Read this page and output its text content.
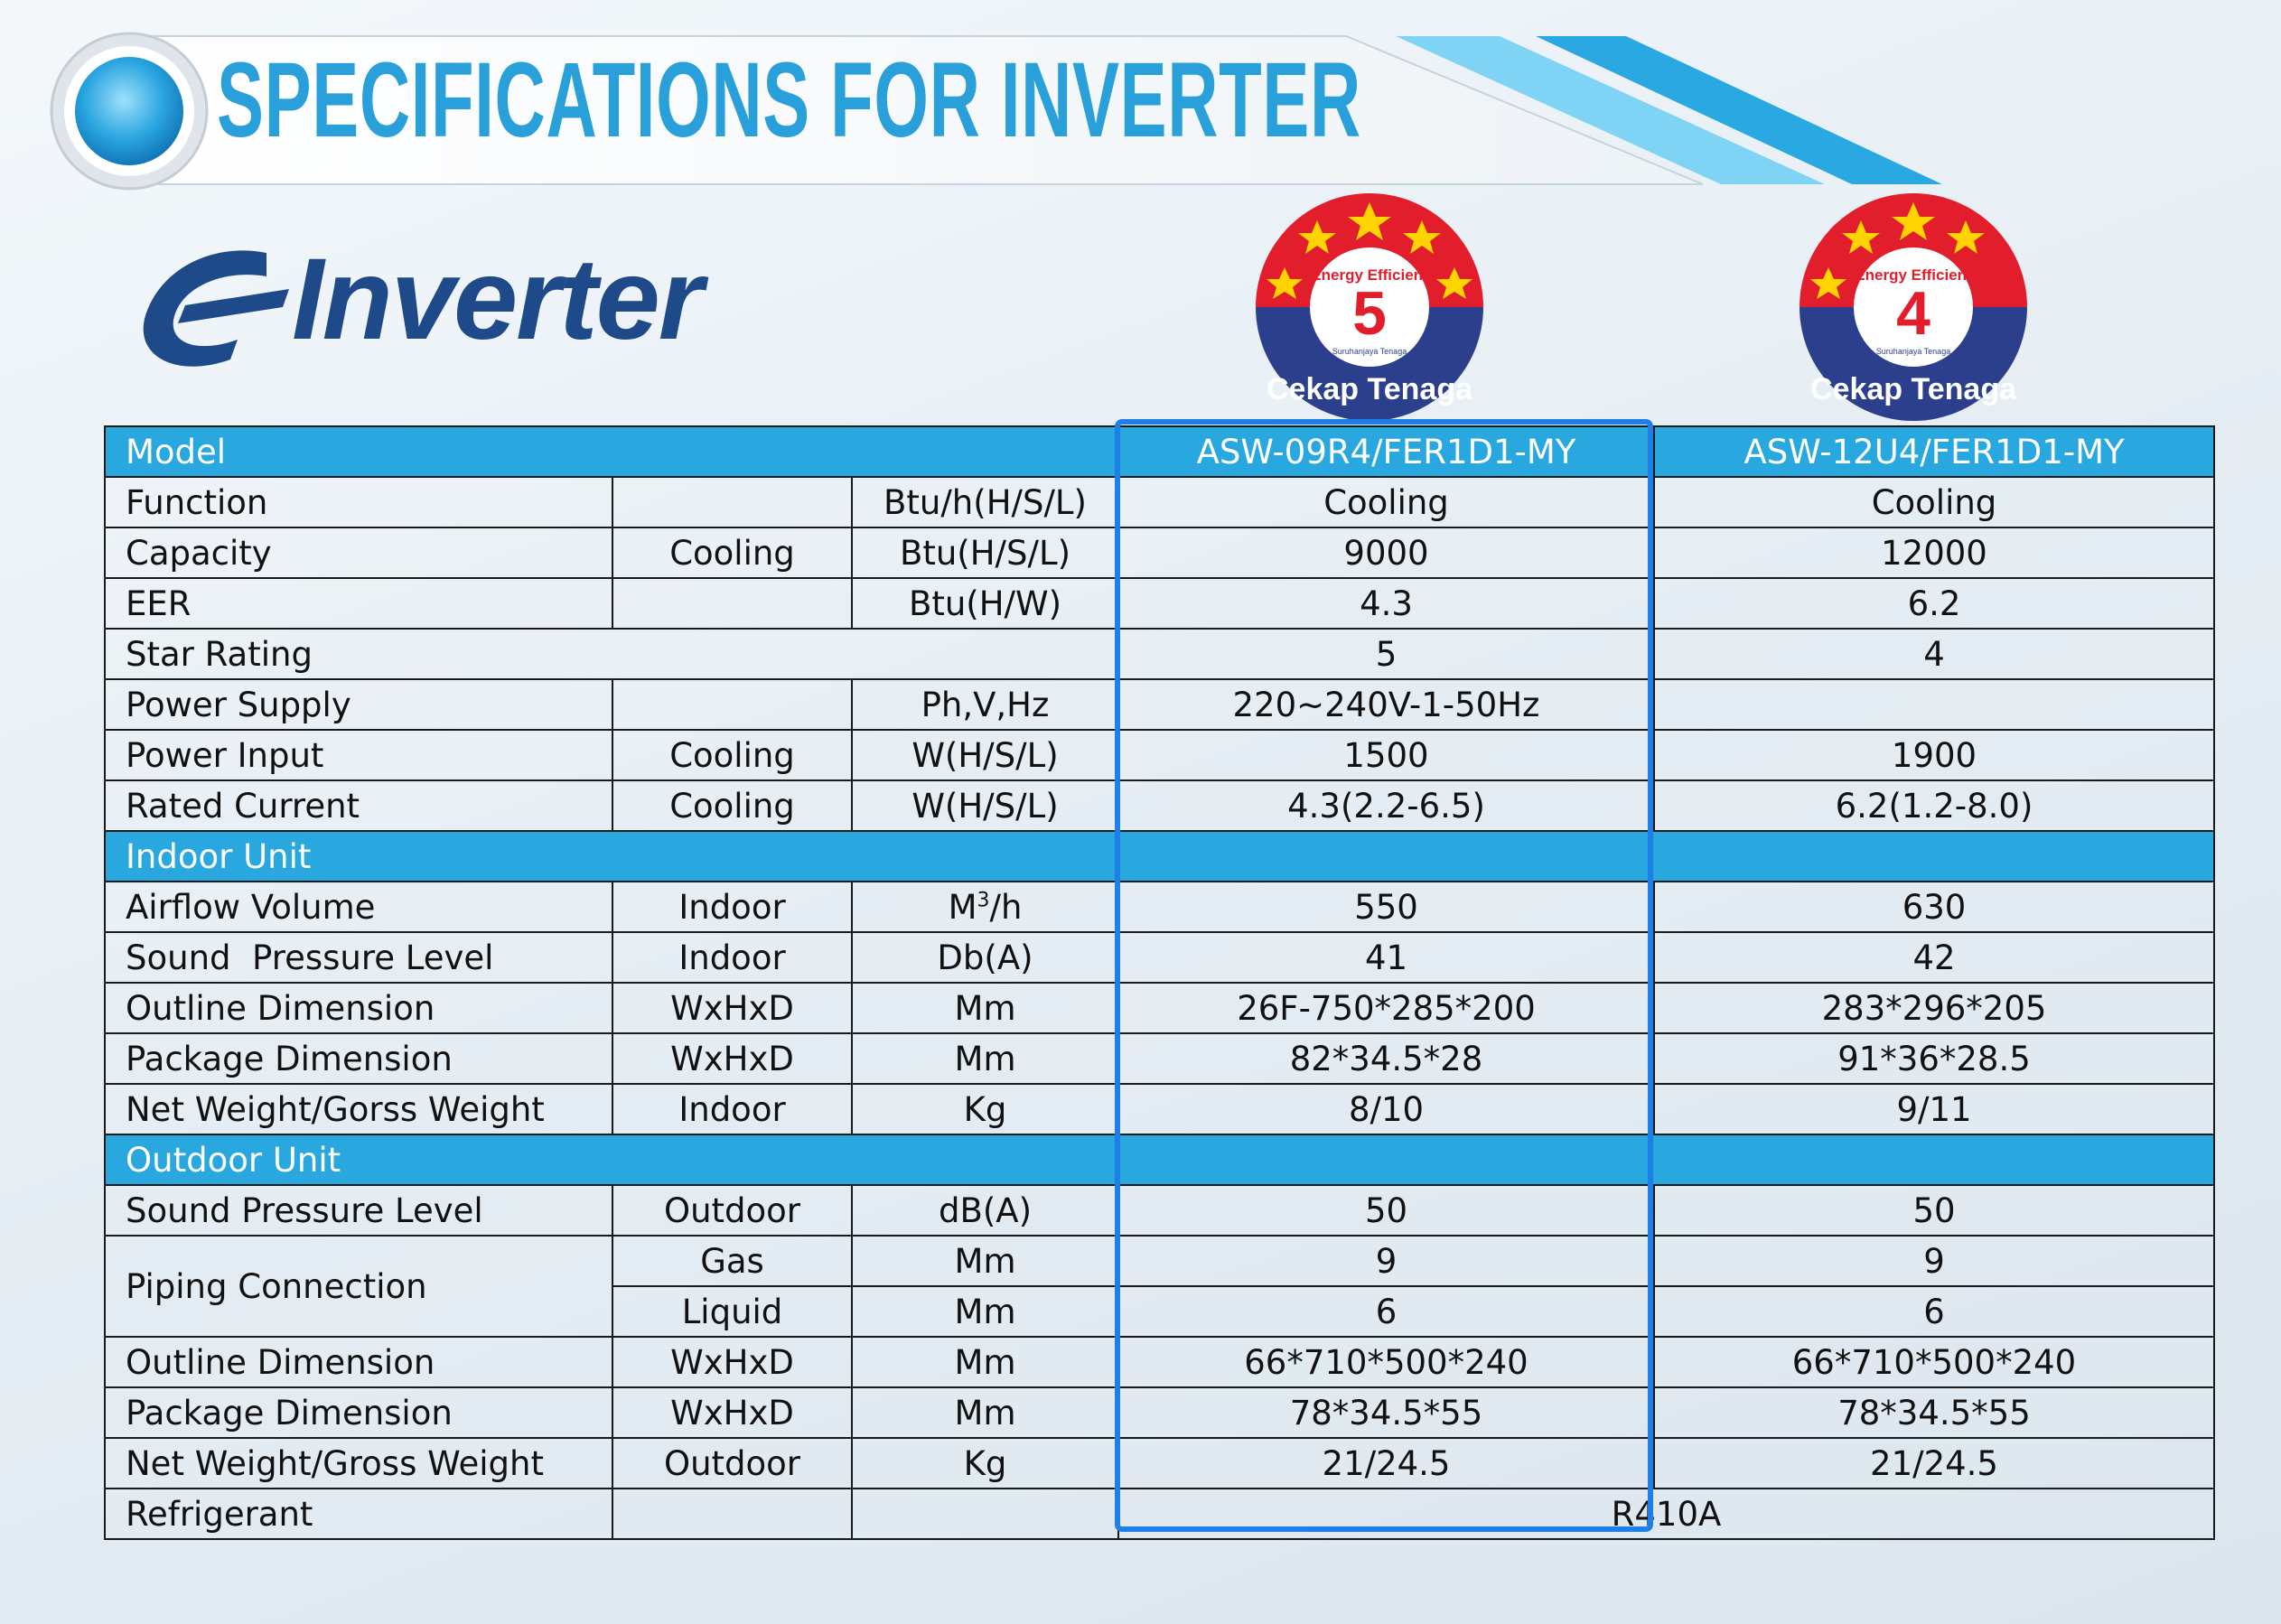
SPECIFICATIONS FOR INVERTER
Inverter	Energy Efficient
5
Suruhanjaya Tenaga
Cekap Tenaga
Energy Efficient
4
Suruhanjaya Tenaga
Cekap Tenaga
Model			ASW-09R4/FER1D1-MY	ASW-12U4/FER1D1-MY
Function		Btu/h(H/S/L)	Cooling	Cooling
Capacity	Cooling	Btu(H/S/L)	9000	12000
EER		Btu(H/W)	4.3	6.2
Star Rating			5	4
Power Supply		Ph,V,Hz	220~240V-1-50Hz	
Power Input	Cooling	W(H/S/L)	1500	1900
Rated Current	Cooling	W(H/S/L)	4.3(2.2-6.5)	6.2(1.2-8.0)
Indoor Unit				
Airflow Volume	Indoor	$M^3/h$	550	630
Sound  Pressure Level	Indoor	Db(A)	41	42
Outline Dimension	WxHxD	Mm	26F-750*285*200	283*296*205
Package Dimension	WxHxD	Mm	82*34.5*28	91*36*28.5
Net Weight/Gorss Weight	Indoor	Kg	8/10	9/11
Outdoor Unit				
Sound Pressure Level	Outdoor	dB(A)	50	50
Piping Connection	Gas	Mm	9	9
	Liquid	Mm	6	6
Outline Dimension	WxHxD	Mm	66*710*500*240	66*710*500*240
Package Dimension	WxHxD	Mm	78*34.5*55	78*34.5*55
Net Weight/Gross Weight	Outdoor	Kg	21/24.5	21/24.5
Refrigerant			R410A	
